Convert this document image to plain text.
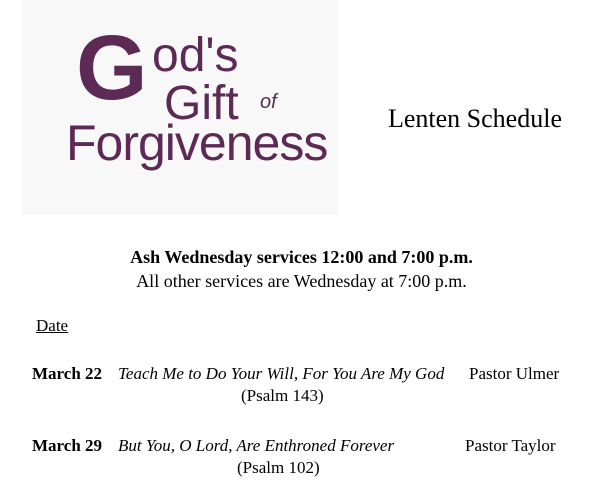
G od's
Gift of
Forgiveness Lenten Schedule
Ash Wednesday services 12:00 and 7:00 p.m.
All other services are Wednesday at 7:00 p.m.
Date
March 22 Teach Me to Do Your Will, For You Are My God Pastor Ulmer
(Psalm 143)
March 29 But You, O Lord, Are Enthroned Forever	Pastor Taylor
(Psalm 102)
